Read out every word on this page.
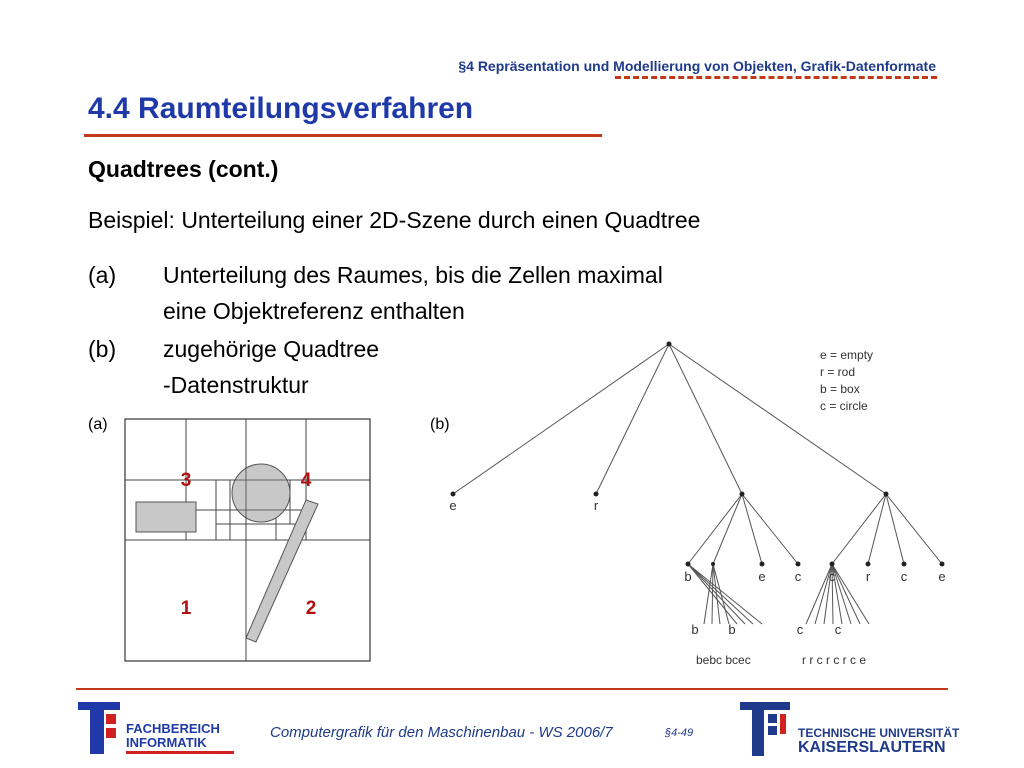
§4 Repräsentation und Modellierung von Objekten, Grafik-Datenformate
4.4 Raumteilungsverfahren
Quadtrees (cont.)
Beispiel: Unterteilung einer 2D-Szene durch einen Quadtree
(a) Unterteilung des Raumes, bis die Zellen maximal
eine Objektreferenz enthalten
(b) zugehörige Quadtree
-Datenstruktur
(a)	(b)
3	4
1	2
e	r
b	e c c r c e
b b	c c
bebc bcec	r r c r c r c e
e = empty
r = rod
b = box
c = circle
FACHBEREICH
INFORMATIK
Computergrafik für den Maschinenbau - WS 2006/7	§4-49	TECHNISCHE UNIVERSITÄT
KAISERSLAUTERN
